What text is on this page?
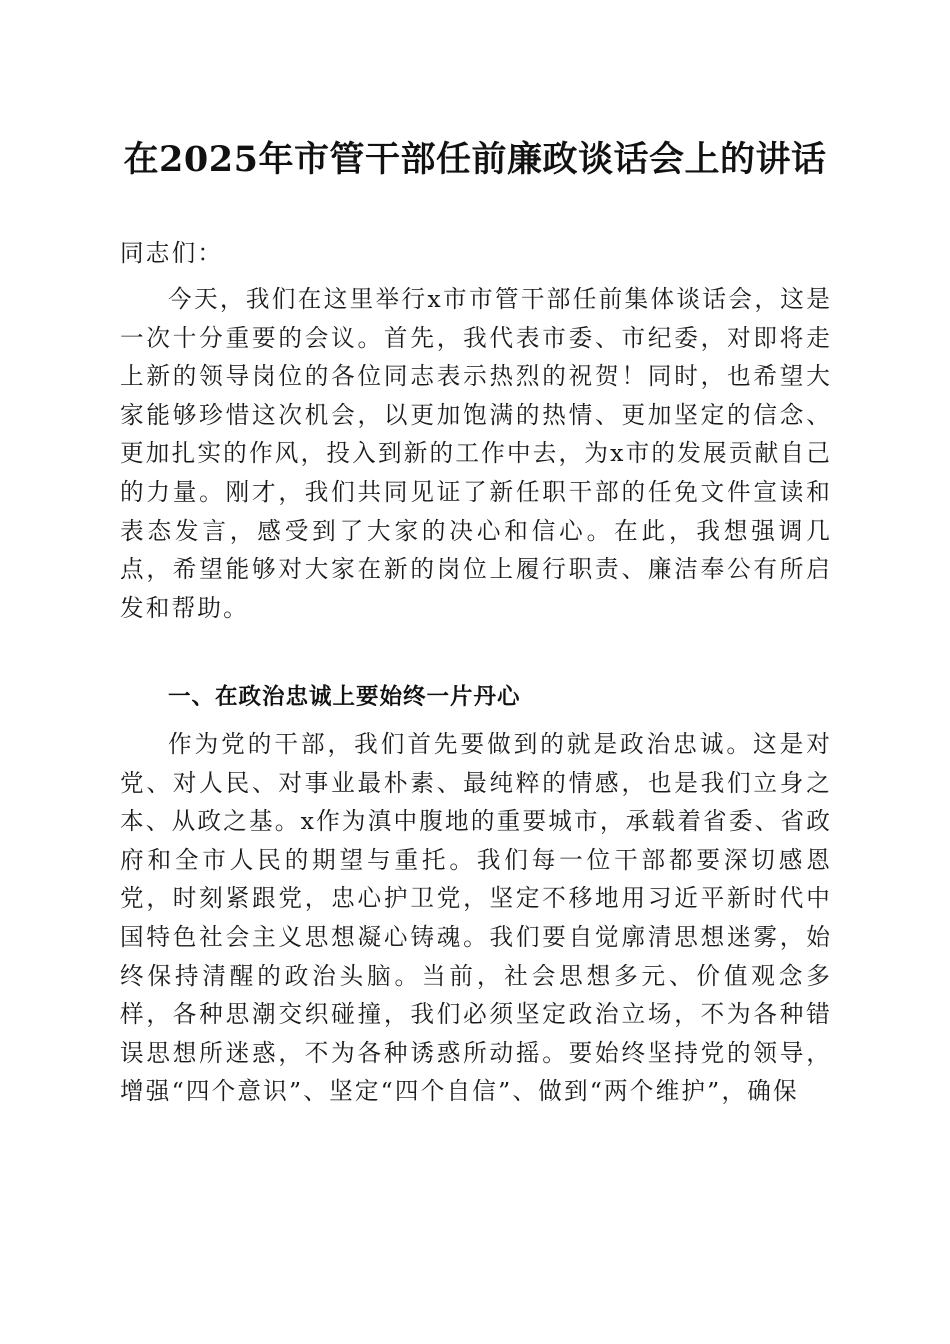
在2025年市管干部任前廉政谈话会上的讲话

同志们：

今天，我们在这里举行x市市管干部任前集体谈话会，这是一次十分重要的会议。首先，我代表市委、市纪委，对即将走上新的领导岗位的各位同志表示热烈的祝贺！同时，也希望大家能够珍惜这次机会，以更加饱满的热情、更加坚定的信念、更加扎实的作风，投入到新的工作中去，为x市的发展贡献自己的力量。刚才，我们共同见证了新任职干部的任免文件宣读和表态发言，感受到了大家的决心和信心。在此，我想强调几点，希望能够对大家在新的岗位上履行职责、廉洁奉公有所启发和帮助。

一、在政治忠诚上要始终一片丹心

作为党的干部，我们首先要做到的就是政治忠诚。这是对党、对人民、对事业最朴素、最纯粹的情感，也是我们立身之本、从政之基。x作为滇中腹地的重要城市，承载着省委、省政府和全市人民的期望与重托。我们每一位干部都要深切感恩党，时刻紧跟党，忠心护卫党，坚定不移地用习近平新时代中国特色社会主义思想凝心铸魂。我们要自觉廓清思想迷雾，始终保持清醒的政治头脑。当前，社会思想多元、价值观念多样，各种思潮交织碰撞，我们必须坚定政治立场，不为各种错误思想所迷惑，不为各种诱惑所动摇。要始终坚持党的领导，增强“四个意识”、坚定“四个自信”、做到“两个维护”，确保
